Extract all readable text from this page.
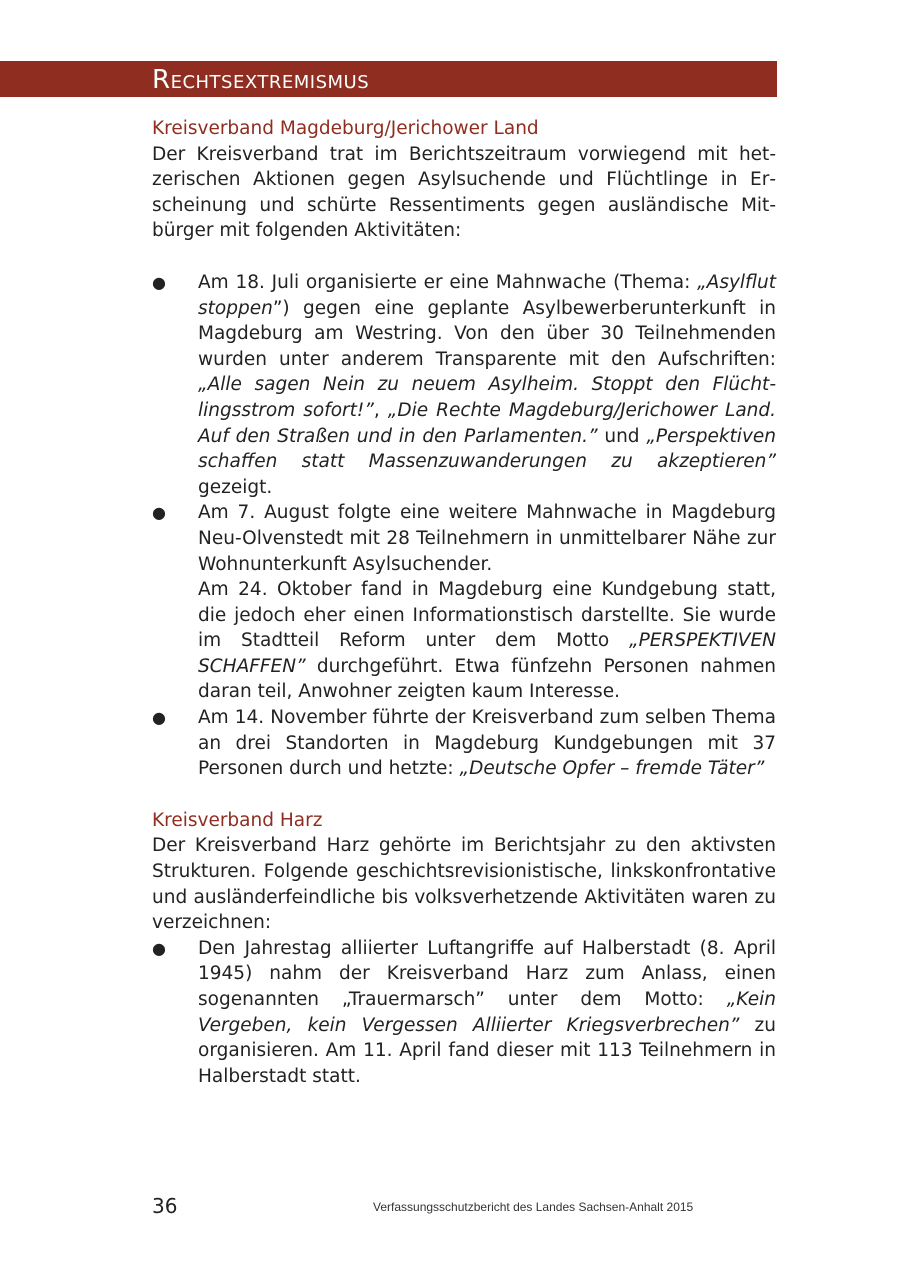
Rechtsextremismus

Kreisverband Magdeburg/Jerichower Land

Der Kreisverband trat im Berichtszeitraum vorwiegend mit hetzerischen Aktionen gegen Asylsuchende und Flüchtlinge in Erscheinung und schürte Ressentiments gegen ausländische Mitbürger mit folgenden Aktivitäten:

● Am 18. Juli organisierte er eine Mahnwache (Thema: „Asylflut stoppen”) gegen eine geplante Asylbewerberunterkunft in Magdeburg am Westring. Von den über 30 Teilnehmenden wurden unter anderem Transparente mit den Aufschriften: „Alle sagen Nein zu neuem Asylheim. Stoppt den Flüchtlingsstrom sofort!”, „Die Rechte Magdeburg/Jerichower Land. Auf den Straßen und in den Parlamenten.” und „Perspektiven schaffen statt Massenzuwanderungen zu akzeptieren” gezeigt.
● Am 7. August folgte eine weitere Mahnwache in Magdeburg Neu-Olvenstedt mit 28 Teilnehmern in unmittelbarer Nähe zur Wohnunterkunft Asylsuchender.
Am 24. Oktober fand in Magdeburg eine Kundgebung statt, die jedoch eher einen Informationstisch darstellte. Sie wurde im Stadtteil Reform unter dem Motto „PERSPEKTIVEN SCHAFFEN” durchgeführt. Etwa fünfzehn Personen nahmen daran teil, Anwohner zeigten kaum Interesse.
● Am 14. November führte der Kreisverband zum selben Thema an drei Standorten in Magdeburg Kundgebungen mit 37 Personen durch und hetzte: „Deutsche Opfer – fremde Täter”

Kreisverband Harz

Der Kreisverband Harz gehörte im Berichtsjahr zu den aktivsten Strukturen. Folgende geschichtsrevisionistische, linkskonfrontative und ausländerfeindliche bis volksverhetzende Aktivitäten waren zu verzeichnen:

● Den Jahrestag alliierter Luftangriffe auf Halberstadt (8. April 1945) nahm der Kreisverband Harz zum Anlass, einen sogenannten „Trauermarsch” unter dem Motto: „Kein Vergeben, kein Vergessen Alliierter Kriegsverbrechen” zu organisieren. Am 11. April fand dieser mit 113 Teilnehmern in Halberstadt statt.
36	Verfassungsschutzbericht des Landes Sachsen-Anhalt 2015
